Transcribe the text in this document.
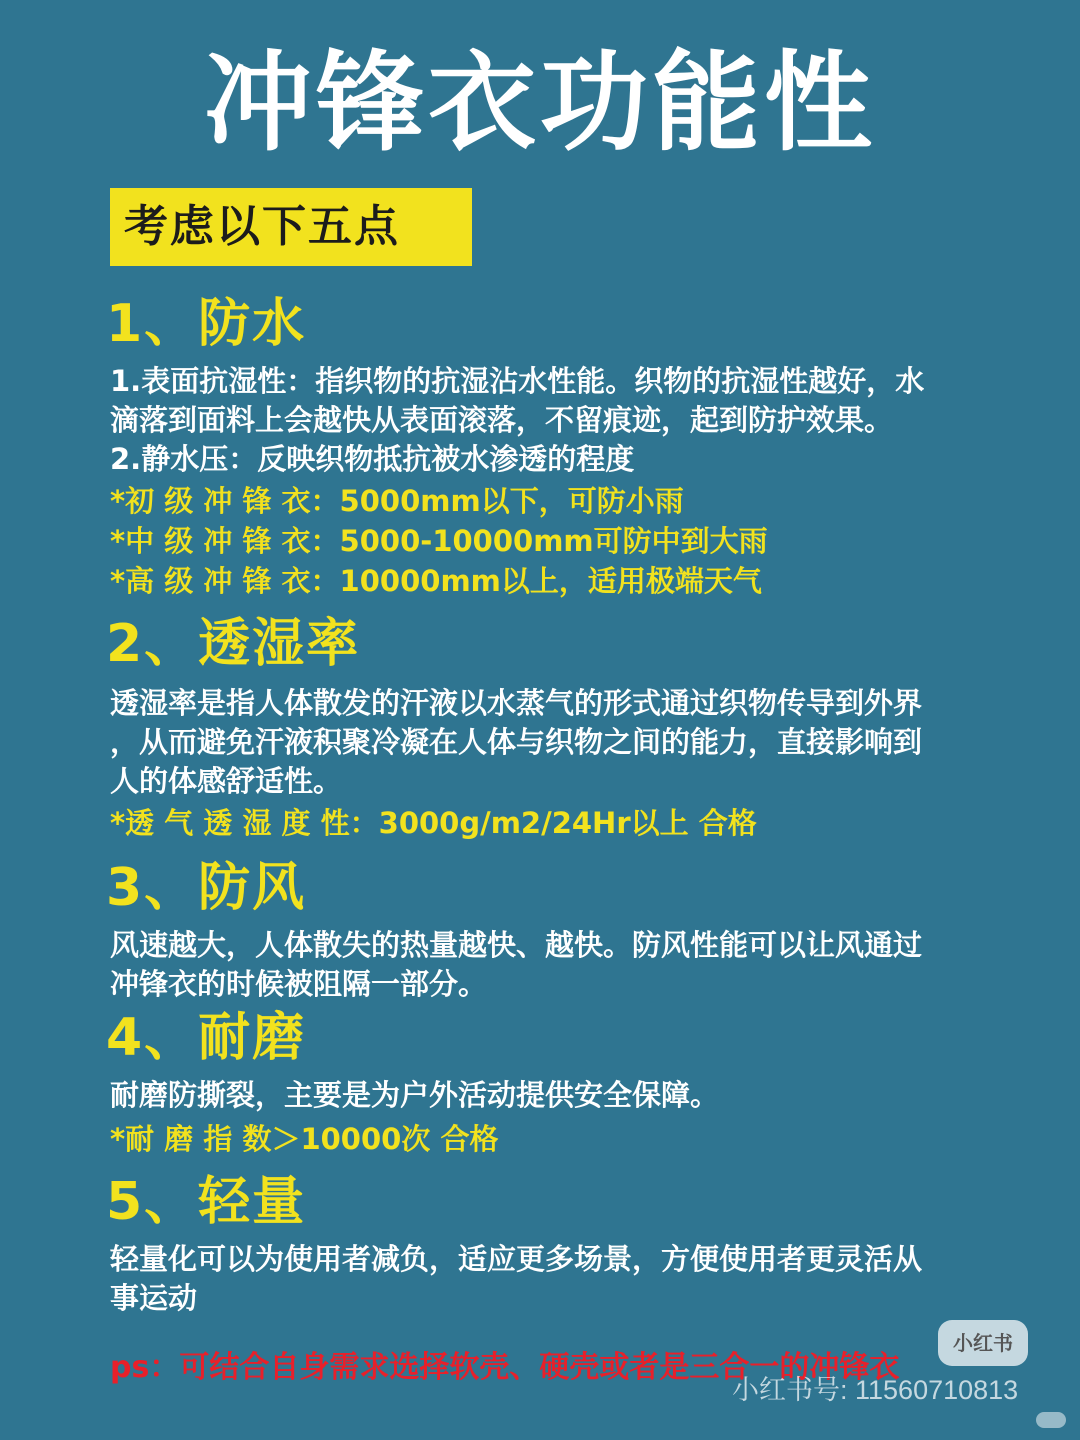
冲锋衣功能性
考虑以下五点
1、防水

1.表面抗湿性：指织物的抗湿沾水性能。织物的抗湿性越好，水

滴落到面料上会越快从表面滚落，不留痕迹，起到防护效果。

2.静水压：反映织物抵抗被水渗透的程度

*初 级 冲 锋 衣：5000mm以下，可防小雨
*中 级 冲 锋 衣：5000-10000mm可防中到大雨
*高 级 冲 锋 衣：10000mm以上，适用极端天气
2、透湿率

透湿率是指人体散发的汗液以水蒸气的形式通过织物传导到外界

，从而避免汗液积聚冷凝在人体与织物之间的能力，直接影响到

人的体感舒适性。

*透 气 透 湿 度 性：3000g/m2/24Hr以上 合格
3、防风

风速越大，人体散失的热量越快、越快。防风性能可以让风通过

冲锋衣的时候被阻隔一部分。

4、耐磨

耐磨防撕裂，主要是为户外活动提供安全保障。

*耐 磨 指 数＞10000次 合格
5、轻量

轻量化可以为使用者减负，适应更多场景，方便使用者更灵活从

事运动

ps：可结合自身需求选择软壳、硬壳或者是三合一的冲锋衣
小红书
小红书号: 11560710813
